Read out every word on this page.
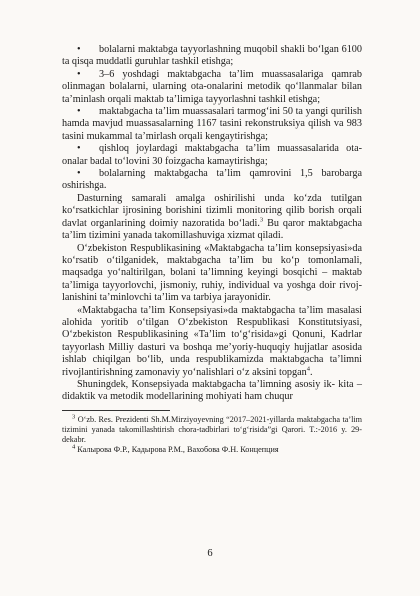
• bolalarni maktabga tayyorlashning muqobil shakli bo‘lgan 6100 ta qisqa muddatli guruhlar tashkil etishga;

• 3–6 yoshdagi maktabgacha ta’lim muassasalariga qamrab olinmagan bolalarni, ularning ota-onalarini metodik qo‘llanmalar bilan ta’minlash orqali maktab ta’limiga tayyorlashni tashkil etishga;

• maktabgacha ta’lim muassasalari tarmog‘ini 50 ta yangi qurilish hamda mavjud muassasalarning 1167 tasini rekonstruksiya qilish va 983 tasini mukammal ta’mirlash orqali kengaytirishga;

• qishloq joylardagi maktabgacha ta’lim muassasalarida ota-onalar badal to‘lovini 30 foizgacha kamaytirishga;

• bolalarning maktabgacha ta’lim qamrovini 1,5 barobarga oshirishga.

Dasturning samarali amalga oshirilishi unda ko‘zda tutilgan ko‘rsatkichlar ijrosining borishini tizimli monitoring qilib borish orqali davlat organlarining doimiy nazoratida bo‘ladi.$^3$ Bu qaror maktabgacha ta’lim tizimini yanada takomillashuviga xizmat qiladi.

O‘zbekiston Respublikasining «Maktabgacha ta’lim konsepsiyasi»da ko‘rsatib o‘tilganidek, maktabgacha ta’lim bu ko‘p tomonlamali, maqsadga yo‘naltirilgan, bolani ta’limning keyingi bosqichi – maktab ta’limiga tayyorlovchi, jismoniy, ruhiy, individual va yoshga doir rivoj- lanishini ta’minlovchi ta’lim va tarbiya jarayonidir.

«Maktabgacha ta’lim Konsepsiyasi»da maktabgacha ta’lim masalasi alohida yoritib o‘tilgan O‘zbekiston Respublikasi Konstitutsiyasi, O‘zbekiston Respublikasining «Ta’lim to‘g‘risida»gi Qonuni, Kadrlar tayyorlash Milliy dasturi va boshqa me’yoriy-huquqiy hujjatlar asosida ishlab chiqilgan bo‘lib, unda respublikamizda maktabgacha ta’limni rivojlantirishning zamonaviy yo‘nalishlari o‘z aksini topgan$^4$.

Shuningdek, Konsepsiyada maktabgacha ta’limning asosiy ik- kita – didaktik va metodik modellarining mohiyati ham chuqur

$^3$ O‘zb. Res. Prezidenti Sh.M.Mirziyoyevning “2017–2021-yillarda maktabgacha ta’lim tizimini yanada takomillashtirish chora-tadbirlari to‘g‘risida”gi Qarori. T.:-2016 y. 29-dekabr.

$^4$ Калырова Ф.Р., Кадырова Р.М., Вахобова Ф.Н. Концепция

6
